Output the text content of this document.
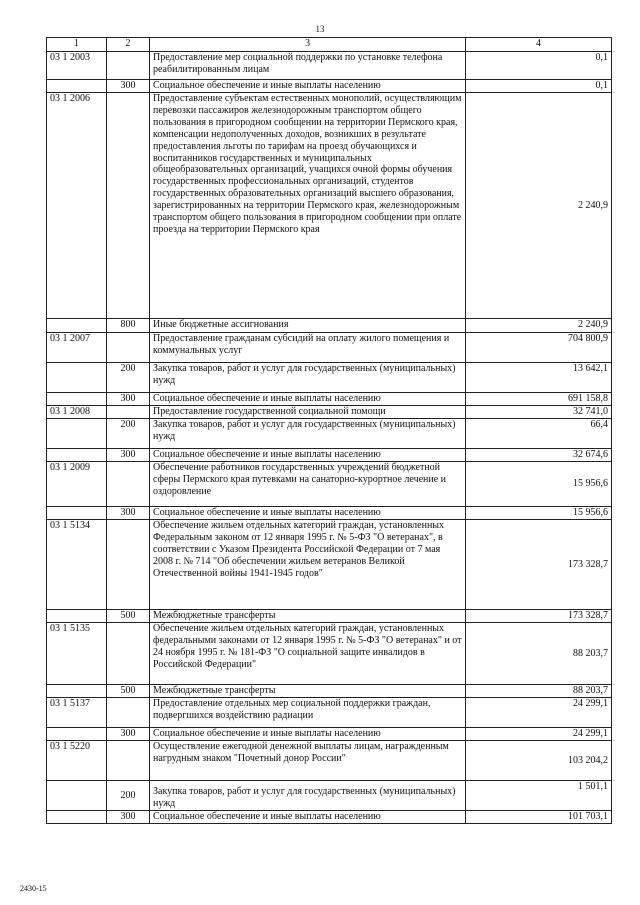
13
1	2	3	4
03 1 2003		Предоставление мер социальной поддержки по установке телефона реабилитированным лицам	0,1
	300	Социальное обеспечение и иные выплаты населению	0,1
03 1 2006		Предоставление субъектам естественных монополий, осуществляющим перевозки пассажиров железнодорожным транспортом общего пользования в пригородном сообщении на территории Пермского края, компенсации недополученных доходов, возникших в результате предоставления льготы по тарифам на проезд обучающихся и воспитанников государственных и муниципальных общеобразовательных организаций, учащихся очной формы обучения государственных профессиональных организаций, студентов государственных образовательных организаций высшего образования, зарегистрированных на территории Пермского края, железнодорожным транспортом общего пользования в пригородном сообщении при оплате проезда на территории Пермского края	2 240,9
	800	Иные бюджетные ассигнования	2 240,9
03 1 2007		Предоставление гражданам субсидий на оплату жилого помещения и коммунальных услуг	704 800,9
	200	Закупка товаров, работ и услуг для государственных (муниципальных) нужд	13 642,1
	300	Социальное обеспечение и иные выплаты населению	691 158,8
03 1 2008		Предоставление государственной социальной помощи	32 741,0
	200	Закупка товаров, работ и услуг для государственных (муниципальных) нужд	66,4
	300	Социальное обеспечение и иные выплаты населению	32 674,6
03 1 2009		Обеспечение работников государственных учреждений бюджетной сферы Пермского края путевками на санаторно-курортное лечение и оздоровление	15 956,6
	300	Социальное обеспечение и иные выплаты населению	15 956,6
03 1 5134		Обеспечение жильем отдельных категорий граждан, установленных Федеральным законом от 12 января 1995 г. № 5-ФЗ "О ветеранах", в соответствии с Указом Президента Российской Федерации от 7 мая 2008 г. № 714 "Об обеспечении жильем ветеранов Великой Отечественной войны 1941-1945 годов"	173 328,7
	500	Межбюджетные трансферты	173 328,7
03 1 5135		Обеспечение жильем отдельных категорий граждан, установленных федеральными законами от 12 января 1995 г. № 5-ФЗ "О ветеранах" и от 24 ноября 1995 г. № 181-ФЗ "О социальной защите инвалидов в Российской Федерации"	88 203,7
	500	Межбюджетные трансферты	88 203,7
03 1 5137		Предоставление отдельных мер социальной поддержки граждан, подвергшихся воздействию радиации	24 299,1
	300	Социальное обеспечение и иные выплаты населению	24 299,1
03 1 5220		Осуществление ежегодной денежной выплаты лицам, награжденным нагрудным знаком "Почетный донор России"	103 204,2
	200	Закупка товаров, работ и услуг для государственных (муниципальных) нужд	1 501,1
	300	Социальное обеспечение и иные выплаты населению	101 703,1
2430-15
